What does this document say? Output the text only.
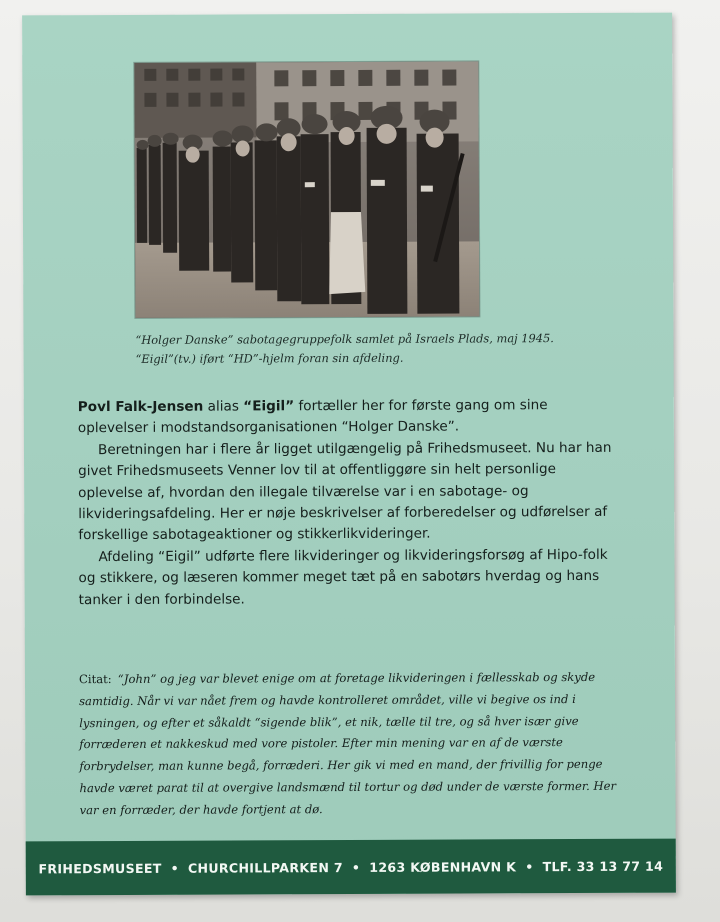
“Holger Danske” sabotagegruppefolk samlet på Israels Plads, maj 1945.
“Eigil”(tv.) iført “HD”-hjelm foran sin afdeling.

Povl Falk-Jensen alias “Eigil” fortæller her for første gang om sine oplevelser i modstandsorganisationen “Holger Danske”.

Beretningen har i flere år ligget utilgængelig på Frihedsmuseet. Nu har han givet Frihedsmuseets Venner lov til at offentliggøre sin helt personlige oplevelse af, hvordan den illegale tilværelse var i en sabotage- og likvideringsafdeling. Her er nøje beskrivelser af forberedelser og udførelser af forskellige sabotageaktioner og stikkerlikvideringer.

Afdeling “Eigil” udførte flere likvideringer og likvideringsforsøg af Hipo-folk og stikkere, og læseren kommer meget tæt på en sabotørs hverdag og hans tanker i den forbindelse.

Citat: “John” og jeg var blevet enige om at foretage likvideringen i fællesskab og skyde samtidig. Når vi var nået frem og havde kontrolleret området, ville vi begive os ind i lysningen, og efter et såkaldt “sigende blik”, et nik, tælle til tre, og så hver især give forræderen et nakkeskud med vore pistoler. Efter min mening var en af de værste forbrydelser, man kunne begå, forræderi. Her gik vi med en mand, der frivillig for penge havde været parat til at overgive landsmænd til tortur og død under de værste former. Her var en forræder, der havde fortjent at dø.
FRIHEDSMUSEET • CHURCHILLPARKEN 7 • 1263 KØBENHAVN K • TLF. 33 13 77 14
